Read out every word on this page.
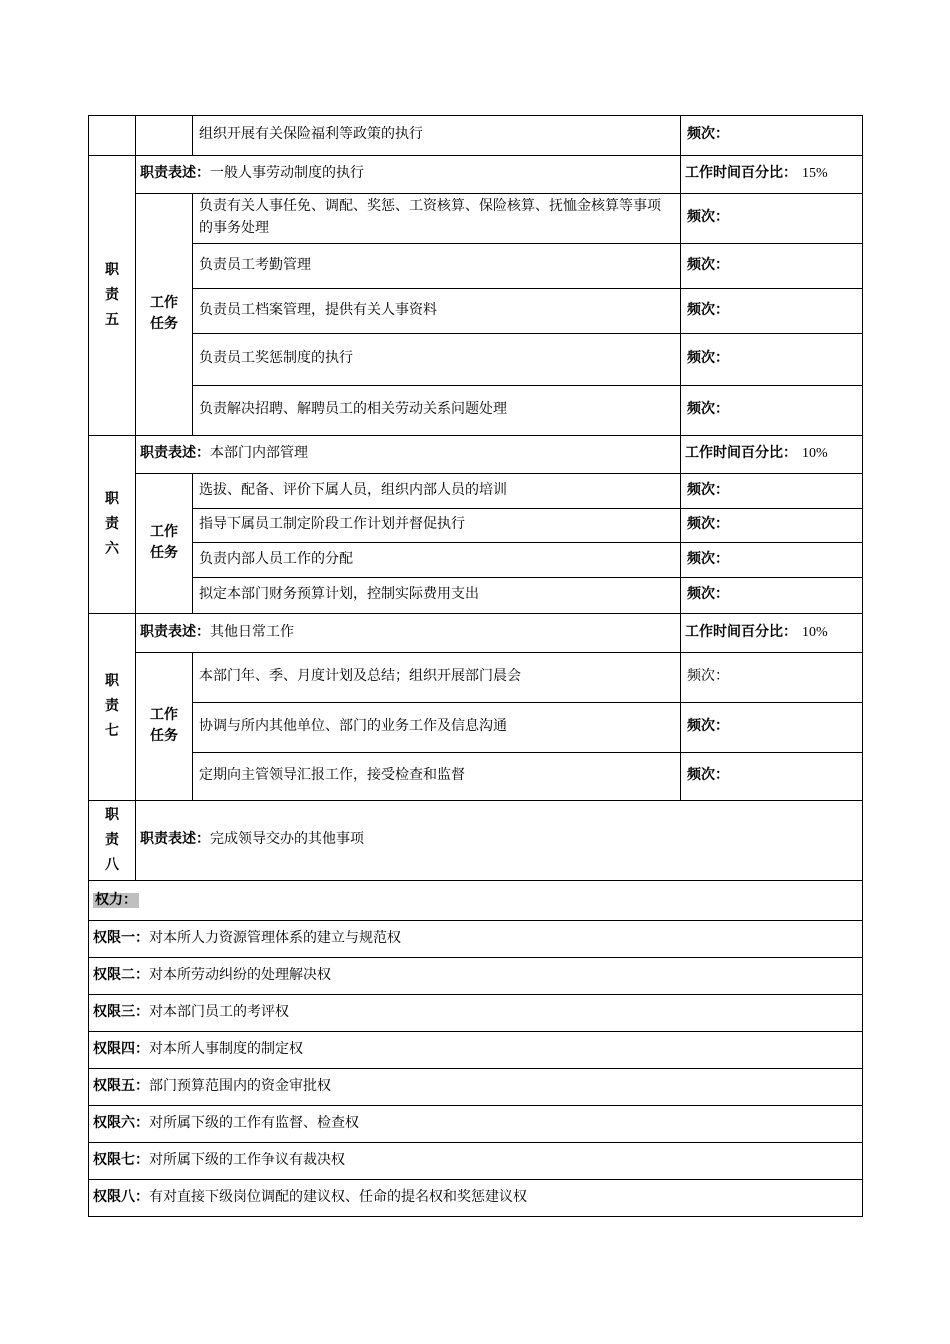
		组织开展有关保险福利等政策的执行	频次：

职责五	职责表述：一般人事劳动制度的执行		工作时间百分比： 15%

	工作任务	负责有关人事任免、调配、奖惩、工资核算、保险核算、抚恤金核算等事项的事务处理	频次：
		负责员工考勤管理	频次：
		负责员工档案管理，提供有关人事资料	频次：
		负责员工奖惩制度的执行	频次：
		负责解决招聘、解聘员工的相关劳动关系问题处理	频次：

职责六	职责表述：本部门内部管理		工作时间百分比： 10%

	工作任务	选拔、配备、评价下属人员，组织内部人员的培训	频次：
		指导下属员工制定阶段工作计划并督促执行	频次：
		负责内部人员工作的分配	频次：
		拟定本部门财务预算计划，控制实际费用支出	频次：

职责七	职责表述：其他日常工作		工作时间百分比： 10%

	工作任务	本部门年、季、月度计划及总结；组织开展部门晨会	频次：
		协调与所内其他单位、部门的业务工作及信息沟通	频次：
		定期向主管领导汇报工作，接受检查和监督	频次：

职责八	职责表述：完成领导交办的其他事项		
权力：			
权限一：对本所人力资源管理体系的建立与规范权			
权限二：对本所劳动纠纷的处理解决权			
权限三：对本部门员工的考评权			
权限四：对本所人事制度的制定权			
权限五：部门预算范围内的资金审批权			
权限六：对所属下级的工作有监督、检查权			
权限七：对所属下级的工作争议有裁决权			
权限八：有对直接下级岗位调配的建议权、任命的提名权和奖惩建议权			
